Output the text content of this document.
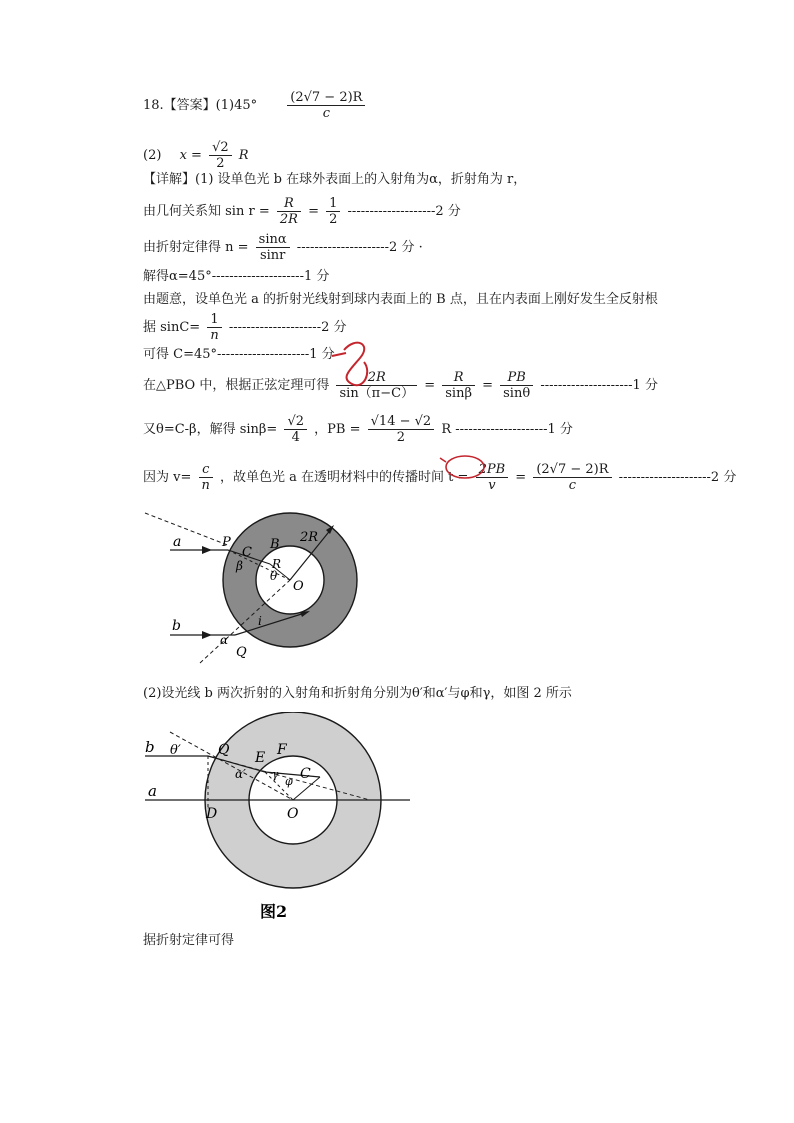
18.【答案】$(1)45^\circ \frac{(2√7 - 2)R}{c}$
(2) $x = \frac{√2}{2}$ R
【详解】(1) 设单色光 b 在球外表面上的入射角为α，折射角为 r，
由几何关系知 $\sin r = \frac{R}{2R} = \frac{1}{2} --------------------2$ 分
由折射定律得 $n = \frac{\sin\alpha}{\sin r} ---------------------2$ 分 ·
解得α=45°---------------------1 分
由题意，设单色光 a 的折射光线射到球内表面上的 B 点，且在内表面上刚好发生全反射根
据 $\sin C= \frac{1}{n} ---------------------2$ 分
可得 C=45°---------------------1 分
在△PBO 中，根据正弦定理可得 $\frac{2R}{\sin(\pi-C)} = \frac{R}{\sin\beta} = \frac{PB}{\sin\theta} ---------------------1$ 分
又θ=C-β，解得 $\sin\beta= \frac{√2}{4}$ ，PB = $\frac{√14 - √2}{2}$ R ---------------------1 分
因为 $v= \frac{c}{n}$ ，故单色光 a 在透明材料中的传播时间 $t = \frac{2PB}{v} = \frac{(2√7 - 2)R}{c} ---------------------2$ 分
a	P
C
B 2R
β R
θ
O
i
b
α
Q
(2)设光线 b 两次折射的入射角和折射角分别为θ′和α′与φ和γ，如图 2 所示
b θ′	Q E F
α′ γ
φ C
a
D	O
图2
据折射定律可得
